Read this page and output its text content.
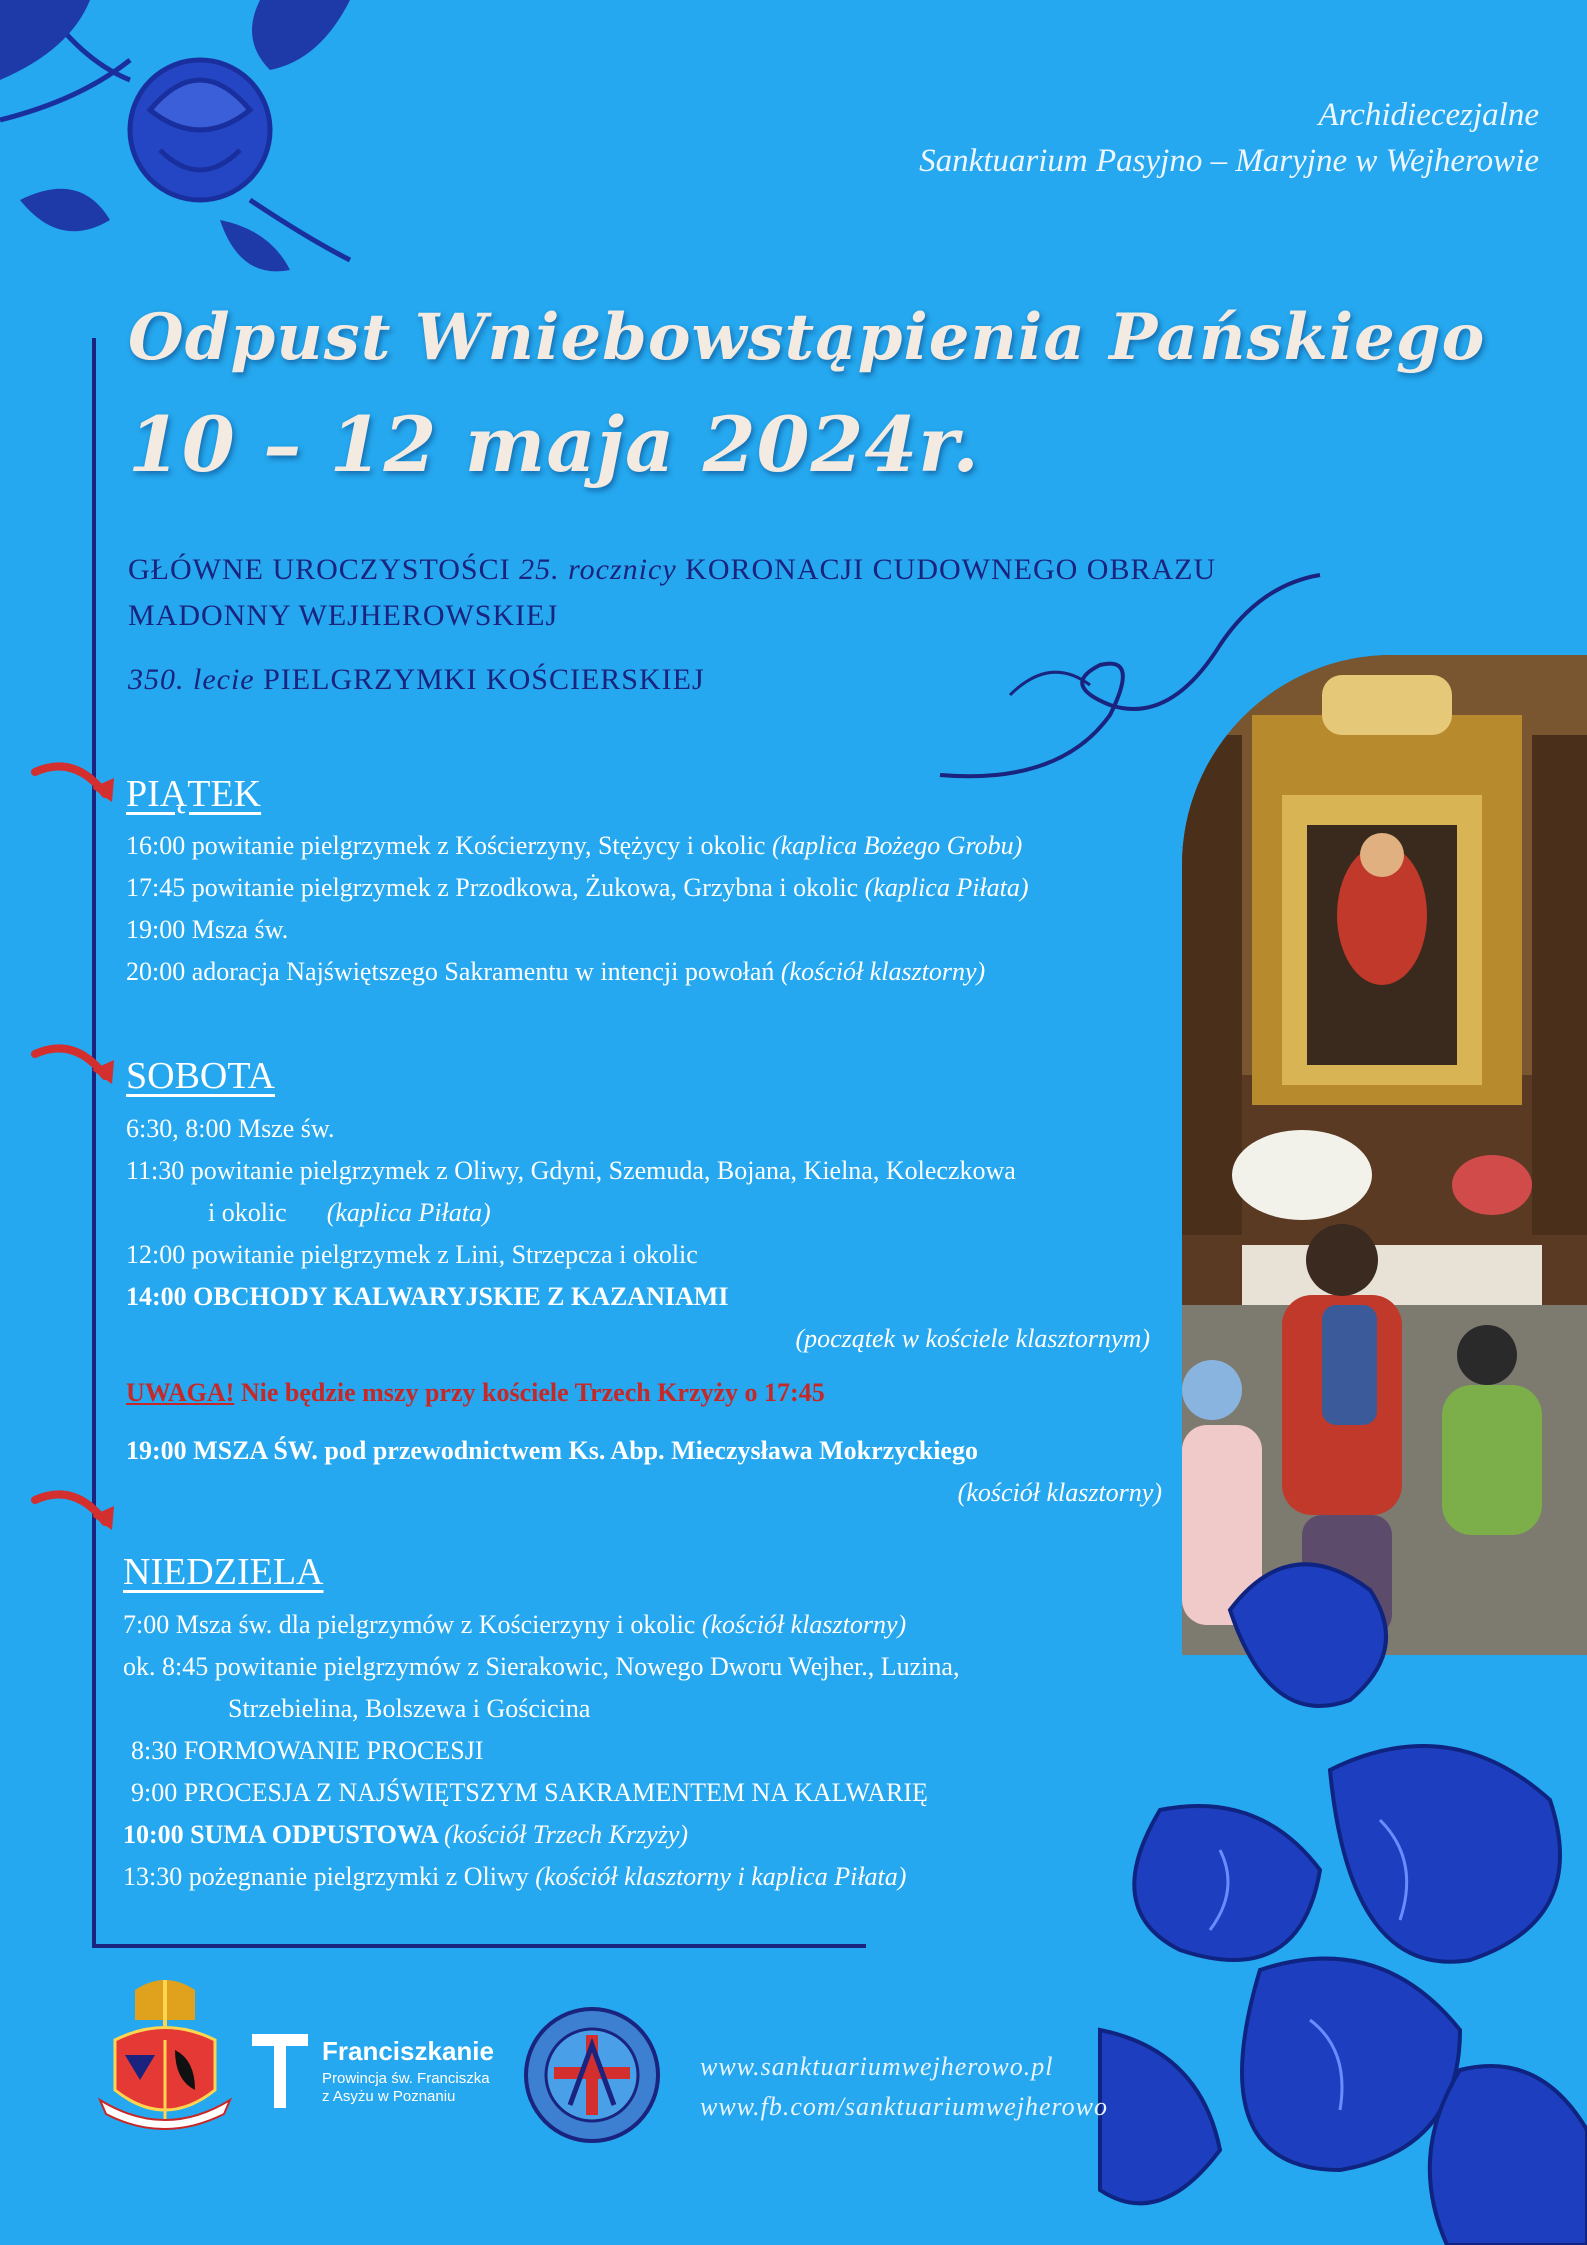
Archidiecezjalne
Sanktuarium Pasyjno – Maryjne w Wejherowie
Odpust Wniebowstąpienia Pańskiego
10 – 12 maja 2024r.
GŁÓWNE UROCZYSTOŚCI 25. rocznicy KORONACJI CUDOWNEGO OBRAZU
MADONNY WEJHEROWSKIEJ
350. lecie PIELGRZYMKI KOŚCIERSKIEJ
PIĄTEK
16:00 powitanie pielgrzymek z Kościerzyny, Stężycy i okolic (kaplica Bożego Grobu)
17:45 powitanie pielgrzymek z Przodkowa, Żukowa, Grzybna i okolic (kaplica Piłata)
19:00 Msza św.
20:00 adoracja Najświętszego Sakramentu w intencji powołań (kościół klasztorny)
SOBOTA
6:30, 8:00 Msze św.
11:30 powitanie pielgrzymek z Oliwy, Gdyni, Szemuda, Bojana, Kielna, Koleczkowa
i okolic (kaplica Piłata)
12:00 powitanie pielgrzymek z Lini, Strzepcza i okolic
14:00 OBCHODY KALWARYJSKIE Z KAZANIAMI
(początek w kościele klasztornym)
UWAGA! Nie będzie mszy przy kościele Trzech Krzyży o 17:45
19:00 MSZA ŚW. pod przewodnictwem Ks. Abp. Mieczysława Mokrzyckiego
(kościół klasztorny)
NIEDZIELA
7:00 Msza św. dla pielgrzymów z Kościerzyny i okolic (kościół klasztorny)
ok. 8:45 powitanie pielgrzymów z Sierakowic, Nowego Dworu Wejher., Luzina,
Strzebielina, Bolszewa i Gościcina
8:30 FORMOWANIE PROCESJI
9:00 PROCESJA Z NAJŚWIĘTSZYM SAKRAMENTEM NA KALWARIĘ
10:00 SUMA ODPUSTOWA (kościół Trzech Krzyży)
13:30 pożegnanie pielgrzymki z Oliwy (kościół klasztorny i kaplica Piłata)
Franciszkanie
Prowincja św. Franciszka
z Asyżu w Poznaniu
www.sanktuariumwejherowo.pl
www.fb.com/sanktuariumwejherowo
